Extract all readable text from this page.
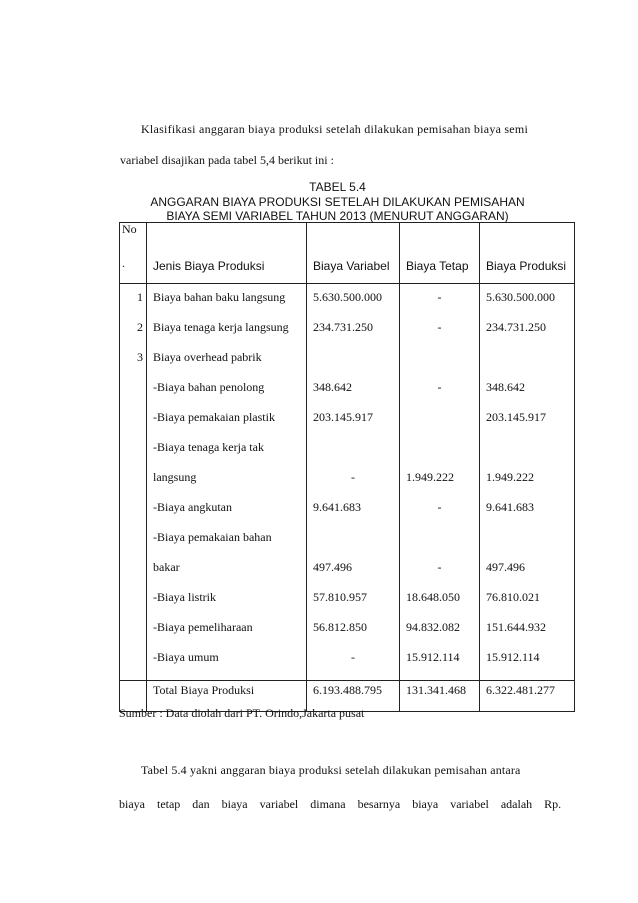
Klasifikasi anggaran biaya produksi setelah dilakukan pemisahan biaya semi
variabel disajikan pada tabel 5,4 berikut ini :
TABEL 5.4
ANGGARAN BIAYA PRODUKSI SETELAH DILAKUKAN PEMISAHAN
BIAYA SEMI VARIABEL TAHUN 2013 (MENURUT ANGGARAN)
No
.	Jenis Biaya Produksi	Biaya Variabel	Biaya Tetap	Biaya Produksi
1	Biaya bahan baku langsung	5.630.500.000	-	5.630.500.000
2	Biaya tenaga kerja langsung	234.731.250	-	234.731.250
3	Biaya overhead pabrik			
	-Biaya bahan penolong	348.642	-	348.642
	-Biaya pemakaian plastik	203.145.917		203.145.917
	-Biaya tenaga kerja tak			
	langsung	-	1.949.222	1.949.222
	-Biaya angkutan	9.641.683	-	9.641.683
	-Biaya pemakaian bahan			
	bakar	497.496	-	497.496
	-Biaya listrik	57.810.957	18.648.050	76.810.021
	-Biaya pemeliharaan	56.812.850	94.832.082	151.644.932
	-Biaya umum	-	15.912.114	15.912.114
	Total Biaya Produksi	6.193.488.795	131.341.468	6.322.481.277
Sumber : Data diolah dari PT. Orindo,Jakarta pusat
Tabel 5.4 yakni anggaran biaya produksi setelah dilakukan pemisahan antara
biaya tetap dan biaya variabel dimana besarnya biaya variabel adalah Rp.
